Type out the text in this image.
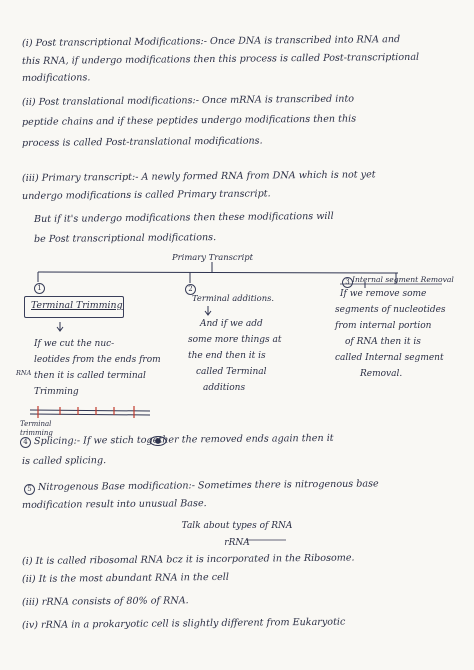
(i) Post transcriptional Modifications:- Once DNA is transcribed into RNA and
this RNA, if undergo modifications then this process is called Post-transcriptional
modifications.
(ii) Post translational modifications:- Once mRNA is transcribed into
peptide chains and if these peptides undergo modifications then this
process is called Post-translational modifications.
(iii) Primary transcript:- A newly formed RNA from DNA which is not yet
undergo modifications is called Primary transcript.
But if it's undergo modifications then these modifications will
be Post transcriptional modifications.
Primary Transcript
1	2
3
Terminal Trimming
If we cut the nuc-
leotides from the ends from
then it is called terminal
Trimming
RNA
Terminal trimming
Terminal additions.
And if we add
some more things at
the end then it is
called Terminal
additions
Internal segment Removal
If we remove some
segments of nucleotides
from internal portion
of RNA then it is
called Internal segment
Removal.
4 Splicing:- If we stich together the removed ends again then it
is called splicing.
5 Nitrogenous Base modification:- Sometimes there is nitrogenous base
modification result into unusual Base.
Talk about types of RNA
rRNA
(i) It is called ribosomal RNA bcz it is incorporated in the Ribosome.
(ii) It is the most abundant RNA in the cell
(iii) rRNA consists of 80% of RNA.
(iv) rRNA in a prokaryotic cell is slightly different from Eukaryotic
